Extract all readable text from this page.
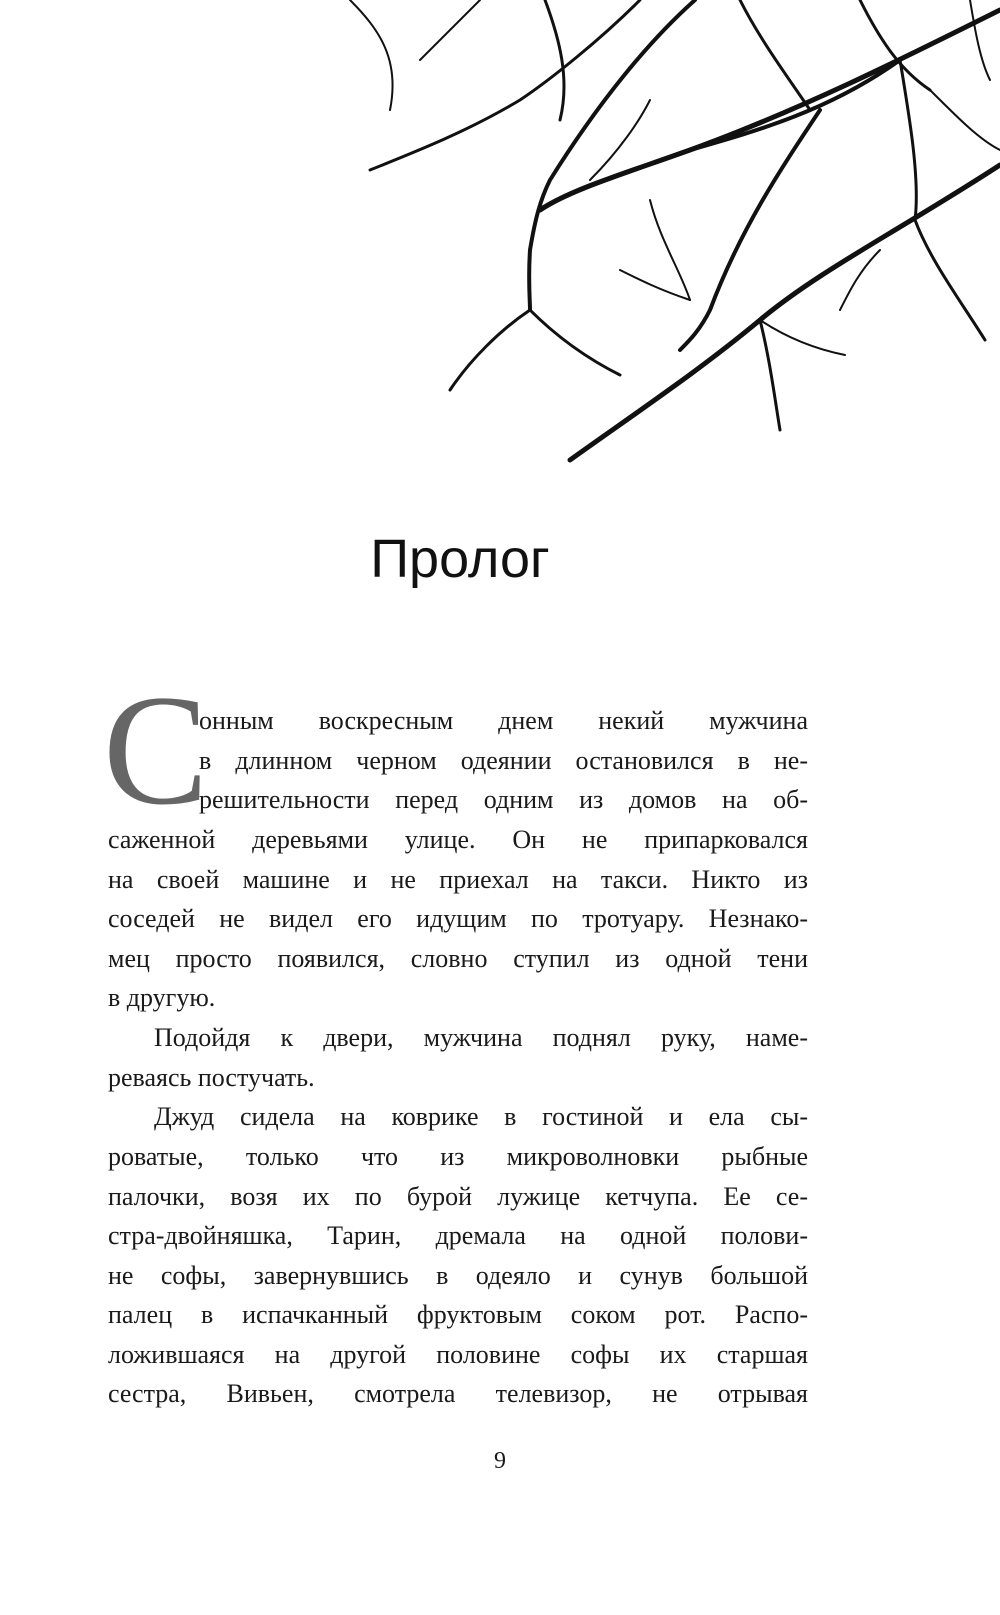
Пролог
С
онным воскресным днем некий мужчина
в длинном черном одеянии остановился в не-
решительности перед одним из домов на об-
саженной деревьями улице. Он не припарковался
на своей машине и не приехал на такси. Никто из
соседей не видел его идущим по тротуару. Незнако-
мец просто появился, словно ступил из одной тени
в другую.
Подойдя к двери, мужчина поднял руку, наме-
реваясь постучать.
Джуд сидела на коврике в гостиной и ела сы-
роватые, только что из микроволновки рыбные
палочки, возя их по бурой лужице кетчупа. Ее се-
стра-двойняшка, Тарин, дремала на одной полови-
не софы, завернувшись в одеяло и сунув большой
палец в испачканный фруктовым соком рот. Распо-
ложившаяся на другой половине софы их старшая
сестра, Вивьен, смотрела телевизор, не отрывая
9
